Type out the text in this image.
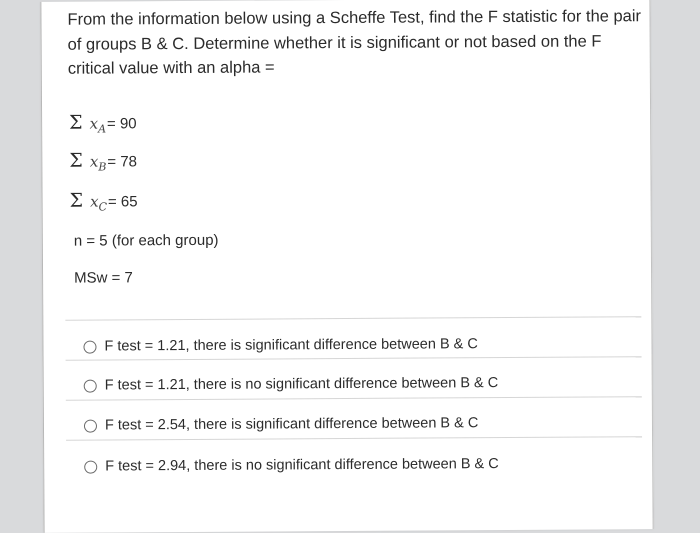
From the information below using a Scheffe Test, find the F statistic for the pair of groups B & C. Determine whether it is significant or not based on the F critical value with an alpha =

Σ x A = 90
Σ x B = 78
Σ x C = 65
n = 5 (for each group)
MSw = 7
F test = 1.21, there is significant difference between B & C
F test = 1.21, there is no significant difference between B & C
F test = 2.54, there is significant difference between B & C
F test = 2.94, there is no significant difference between B & C
